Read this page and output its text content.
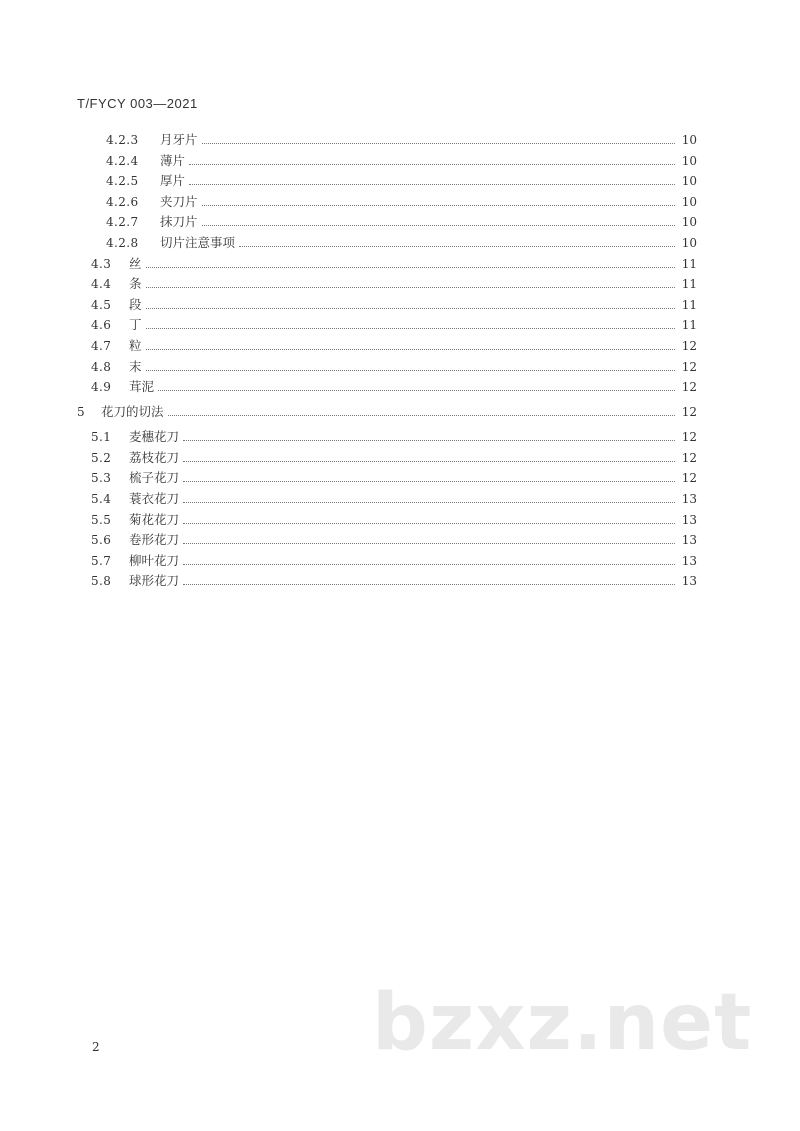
T/FYCY 003—2021
4.2.3	月牙片	10
4.2.4	薄片	10
4.2.5	厚片	10
4.2.6	夹刀片	10
4.2.7	抹刀片	10
4.2.8	切片注意事项	10
4.3	丝	11
4.4	条	11
4.5	段	11
4.6	丁	11
4.7	粒	12
4.8	末	12
4.9	茸泥	12
5	花刀的切法	12
5.1	麦穗花刀	12
5.2	荔枝花刀	12
5.3	梳子花刀	12
5.4	蓑衣花刀	13
5.5	菊花花刀	13
5.6	卷形花刀	13
5.7	柳叶花刀	13
5.8	球形花刀	13
2	bzxz.net
